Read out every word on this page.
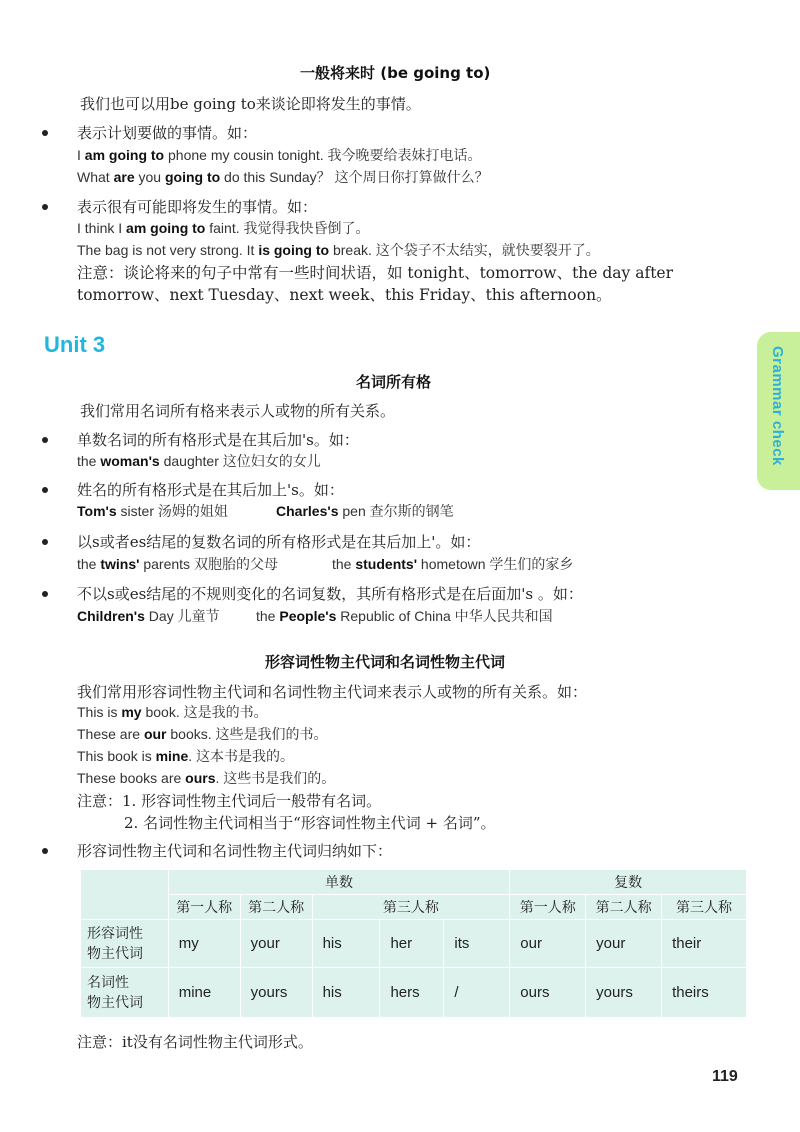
一般将来时 (be going to)
我们也可以用be going to来谈论即将发生的事情。
表示计划要做的事情。如：
I am going to phone my cousin tonight. 我今晚要给表妹打电话。
What are you going to do this Sunday？ 这个周日你打算做什么？
表示很有可能即将发生的事情。如：
I think I am going to faint. 我觉得我快昏倒了。
The bag is not very strong. It is going to break. 这个袋子不太结实，就快要裂开了。
注意：谈论将来的句子中常有一些时间状语，如 tonight、tomorrow、the day after
tomorrow、next Tuesday、next week、this Friday、this afternoon。
Unit 3
Grammar check
名词所有格
我们常用名词所有格来表示人或物的所有关系。
单数名词的所有格形式是在其后加's。如：
the woman's daughter 这位妇女的女儿
姓名的所有格形式是在其后加上's。如：
Tom's sister 汤姆的姐姐	Charles's pen 查尔斯的钢笔
以s或者es结尾的复数名词的所有格形式是在其后加上'。如：
the twins' parents 双胞胎的父母	the students' hometown 学生们的家乡
不以s或es结尾的不规则变化的名词复数，其所有格形式是在后面加's 。如：
Children's Day 儿童节	the People's Republic of China 中华人民共和国
形容词性物主代词和名词性物主代词
我们常用形容词性物主代词和名词性物主代词来表示人或物的所有关系。如：
This is my book. 这是我的书。
These are our books. 这些是我们的书。
This book is mine. 这本书是我的。
These books are ours. 这些书是我们的。
注意：1. 形容词性物主代词后一般带有名词。
2. 名词性物主代词相当于“形容词性物主代词 + 名词”。
形容词性物主代词和名词性物主代词归纳如下：
	单数					复数		
	第一人称	第二人称	第三人称			第一人称	第二人称	第三人称

形容词性
物主代词	my	your	his	her	its	our	your	their

名词性
物主代词	mine	yours	his	hers	/	ours	yours	theirs
注意：it没有名词性物主代词形式。
119
